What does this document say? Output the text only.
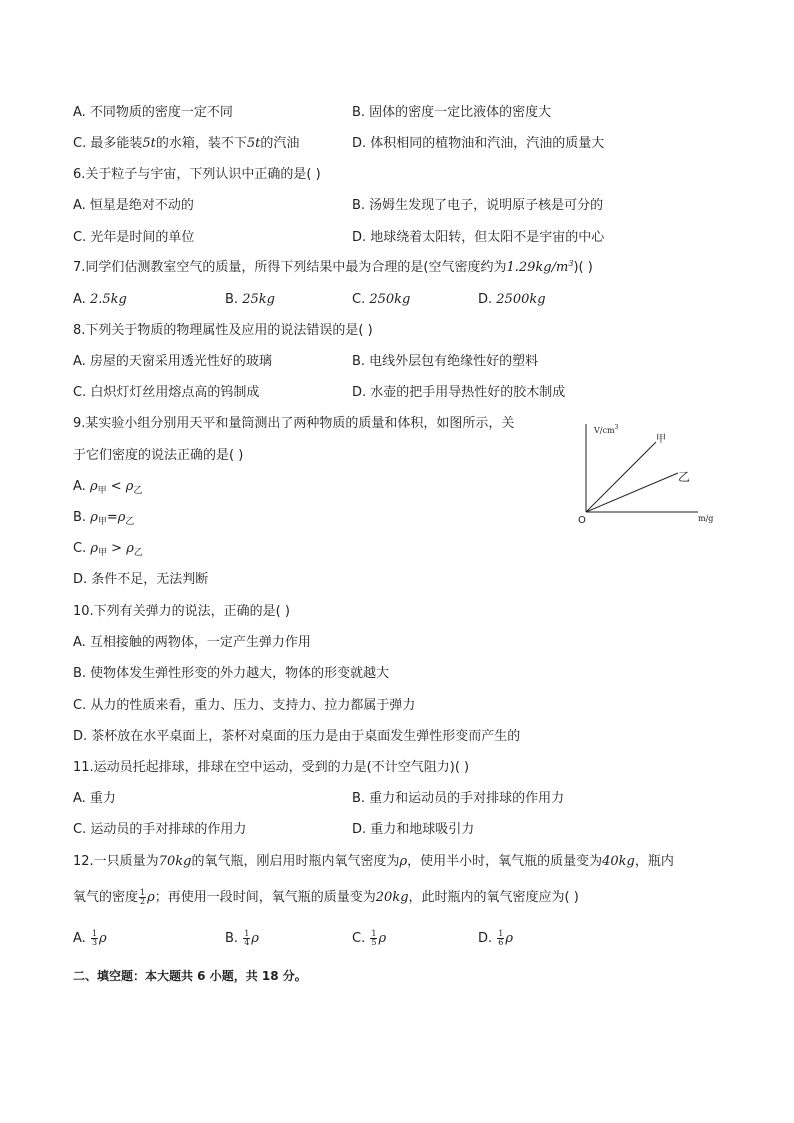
A. 不同物质的密度一定不同	B. 固体的密度一定比液体的密度大
C. 最多能装5t的水箱，装不下5t的汽油	D. 体积相同的植物油和汽油，汽油的质量大
6.关于粒子与宇宙，下列认识中正确的是( )
A. 恒星是绝对不动的	B. 汤姆生发现了电子，说明原子核是可分的
C. 光年是时间的单位	D. 地球绕着太阳转，但太阳不是宇宙的中心
7.同学们估测教室空气的质量，所得下列结果中最为合理的是(空气密度约为$1.29kg/m^3$)( )
A. 2.5kg	B. 25kg	C. 250kg	D. 2500kg
8.下列关于物质的物理属性及应用的说法错误的是( )
A. 房屋的天窗采用透光性好的玻璃	B. 电线外层包有绝缘性好的塑料
C. 白炽灯灯丝用熔点高的钨制成	D. 水壶的把手用导热性好的胶木制成
9.某实验小组分别用天平和量筒测出了两种物质的质量和体积，如图所示，关
于它们密度的说法正确的是( )
A. $\rho_甲 < \rho_乙$
B. $\rho_甲=\rho_乙$
C. $\rho_甲 > \rho_乙$
D. 条件不足，无法判断
$V/cm^3$
m/g
O
甲
乙
10.下列有关弹力的说法，正确的是( )
A. 互相接触的两物体，一定产生弹力作用
B. 使物体发生弹性形变的外力越大，物体的形变就越大
C. 从力的性质来看，重力、压力、支持力、拉力都属于弹力
D. 茶杯放在水平桌面上，茶杯对桌面的压力是由于桌面发生弹性形变而产生的
11.运动员托起排球，排球在空中运动，受到的力是(不计空气阻力)( )
A. 重力	B. 重力和运动员的手对排球的作用力
C. 运动员的手对排球的作用力	D. 重力和地球吸引力
12.一只质量为70kg的氧气瓶，刚启用时瓶内氧气密度为ρ，使用半小时，氧气瓶的质量变为40kg，瓶内
氧气的密度 $\frac{1}{2}$ ρ；再使用一段时间，氧气瓶的质量变为20kg，此时瓶内的氧气密度应为( )
A. $\frac{1}{3}$ ρ	B. $\frac{1}{4}$ ρ	C. $\frac{1}{5}$ ρ	D. $\frac{1}{6}$ ρ
二、填空题：本大题共 6 小题，共 18 分。
